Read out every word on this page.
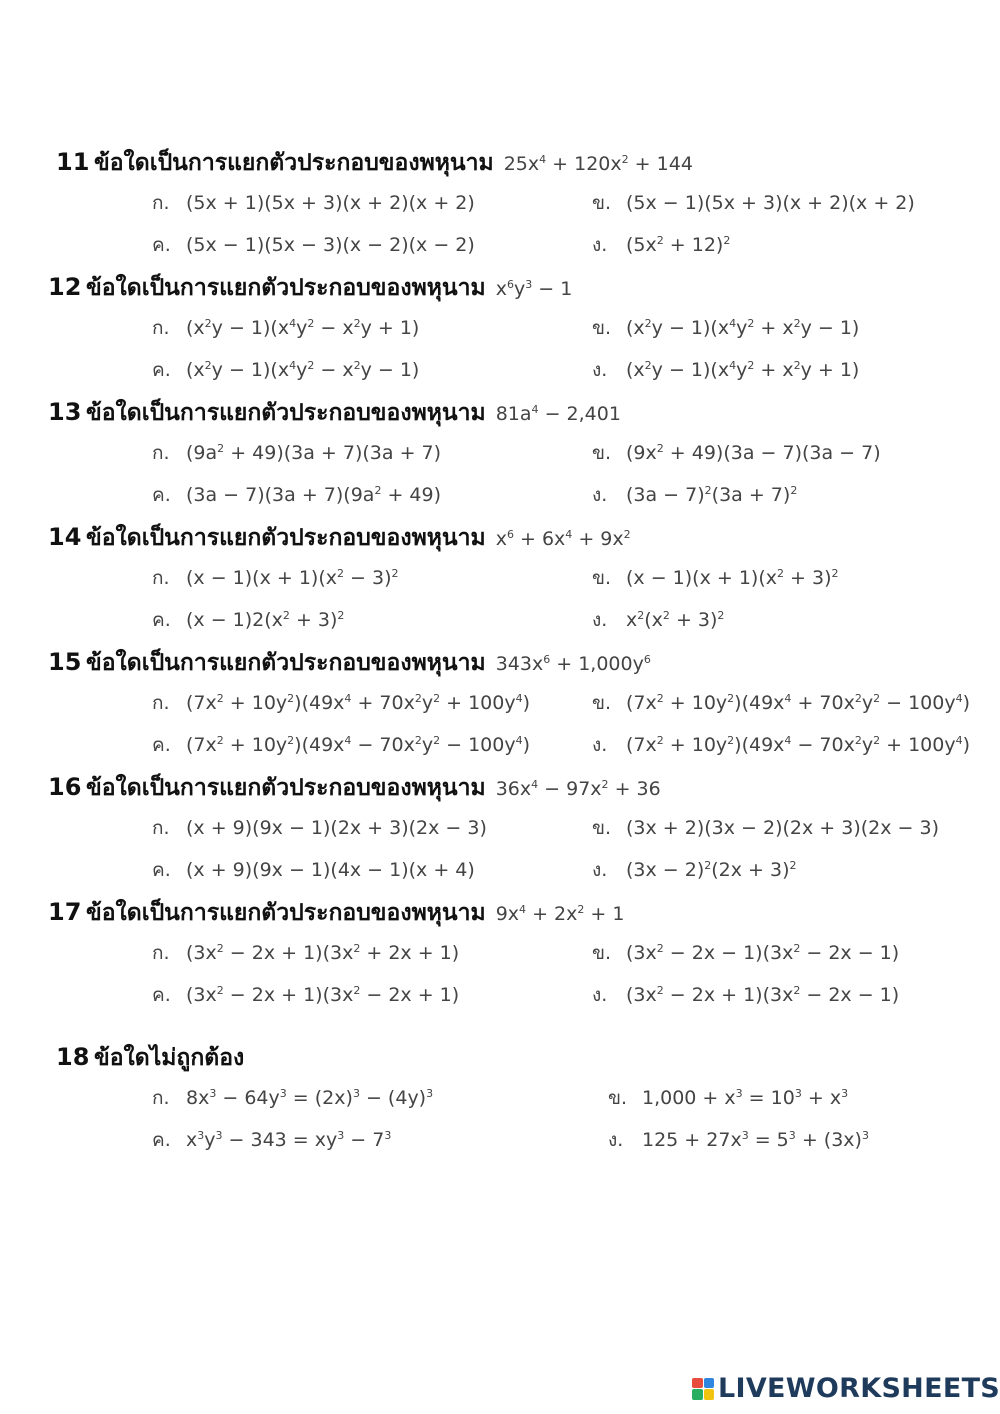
11 ข้อใดเป็นการแยกตัวประกอบของพหุนาม $25x^4 + 120x^2 + 144$
ก. (5x + 1)(5x + 3)(x + 2)(x + 2)	ข. (5x − 1)(5x + 3)(x + 2)(x + 2)
ค. (5x − 1)(5x − 3)(x − 2)(x − 2)	ง. $(5x^2 + 12)^2$
12 ข้อใดเป็นการแยกตัวประกอบของพหุนาม $x^6y^3 - 1$
ก. $(x^2y - 1)(x^4y^2 - x^2y + 1)$	ข. $(x^2y - 1)(x^4y^2 + x^2y - 1)$
ค. $(x^2y - 1)(x^4y^2 - x^2y - 1)$	ง. $(x^2y - 1)(x^4y^2 + x^2y + 1)$
13 ข้อใดเป็นการแยกตัวประกอบของพหุนาม $81a^4 - 2,401$
ก. $(9a^2 + 49)(3a + 7)(3a + 7)$	ข. $(9x^2 + 49)(3a - 7)(3a - 7)$
ค. $(3a - 7)(3a + 7)(9a^2 + 49)$	ง. $(3a - 7)^2(3a + 7)^2$
14 ข้อใดเป็นการแยกตัวประกอบของพหุนาม $x^6 + 6x^4 + 9x^2$
ก. $(x - 1)(x + 1)(x^2 - 3)^2$	ข. $(x - 1)(x + 1)(x^2 + 3)^2$
ค. $(x - 1)2(x^2 + 3)^2$	ง. $x^2(x^2 + 3)^2$
15 ข้อใดเป็นการแยกตัวประกอบของพหุนาม $343x^6 + 1,000y^6$
ก. $(7x^2 + 10y^2)(49x^4 + 70x^2y^2 + 100y^4)$	ข. $(7x^2 + 10y^2)(49x^4 + 70x^2y^2 - 100y^4)$
ค. $(7x^2 + 10y^2)(49x^4 - 70x^2y^2 - 100y^4)$	ง. $(7x^2 + 10y^2)(49x^4 - 70x^2y^2 + 100y^4)$
16 ข้อใดเป็นการแยกตัวประกอบของพหุนาม $36x^4 - 97x^2 + 36$
ก. (x + 9)(9x − 1)(2x + 3)(2x − 3)	ข. (3x + 2)(3x − 2)(2x + 3)(2x − 3)
ค. (x + 9)(9x − 1)(4x − 1)(x + 4)	ง. $(3x - 2)^2(2x + 3)^2$
17 ข้อใดเป็นการแยกตัวประกอบของพหุนาม $9x^4 + 2x^2 + 1$
ก. $(3x^2 - 2x + 1)(3x^2 + 2x + 1)$	ข. $(3x^2 - 2x - 1)(3x^2 - 2x - 1)$
ค. $(3x^2 - 2x + 1)(3x^2 - 2x + 1)$	ง. $(3x^2 - 2x + 1)(3x^2 - 2x - 1)$
18 ข้อใดไม่ถูกต้อง
ก. $8x^3 - 64y^3 = (2x)^3 - (4y)^3$	ข. $1,000 + x^3 = 10^3 + x^3$
ค. $x^3y^3 - 343 = xy^3 - 7^3$	ง. $125 + 27x^3 = 5^3 + (3x)^3$
LIVEWORKSHEETS
